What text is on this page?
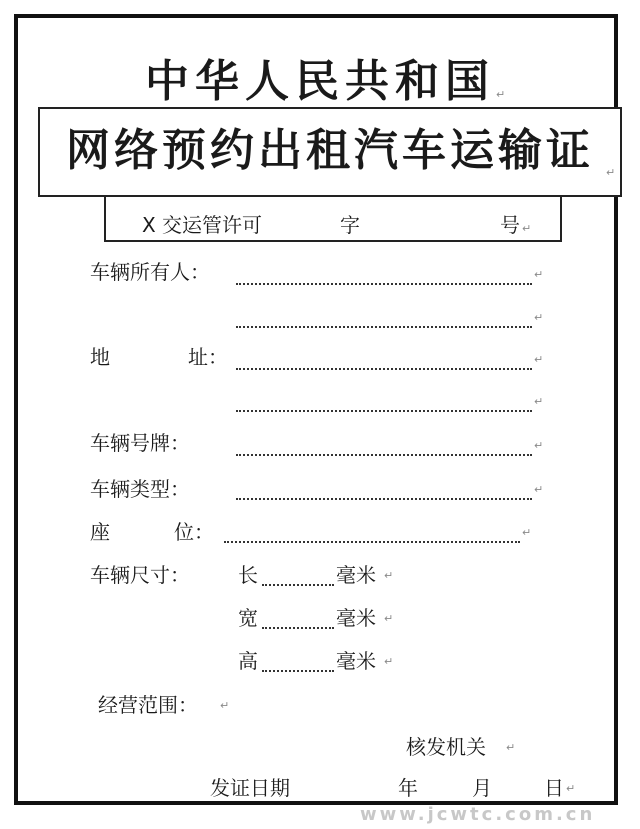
中华人民共和国 ↵
网络预约出租汽车运输证	↵
X 交运管许可	字	号 ↵
车辆所有人：	↵
↵
地	址：	↵
↵
车辆号牌：	↵
车辆类型：	↵
座	位：	↵
车辆尺寸： 长	毫米 ↵
宽	毫米 ↵
高	毫米 ↵
经营范围： ↵
核发机关 ↵
发证日期	年	月	日 ↵
www.jcwtc.com.cn
